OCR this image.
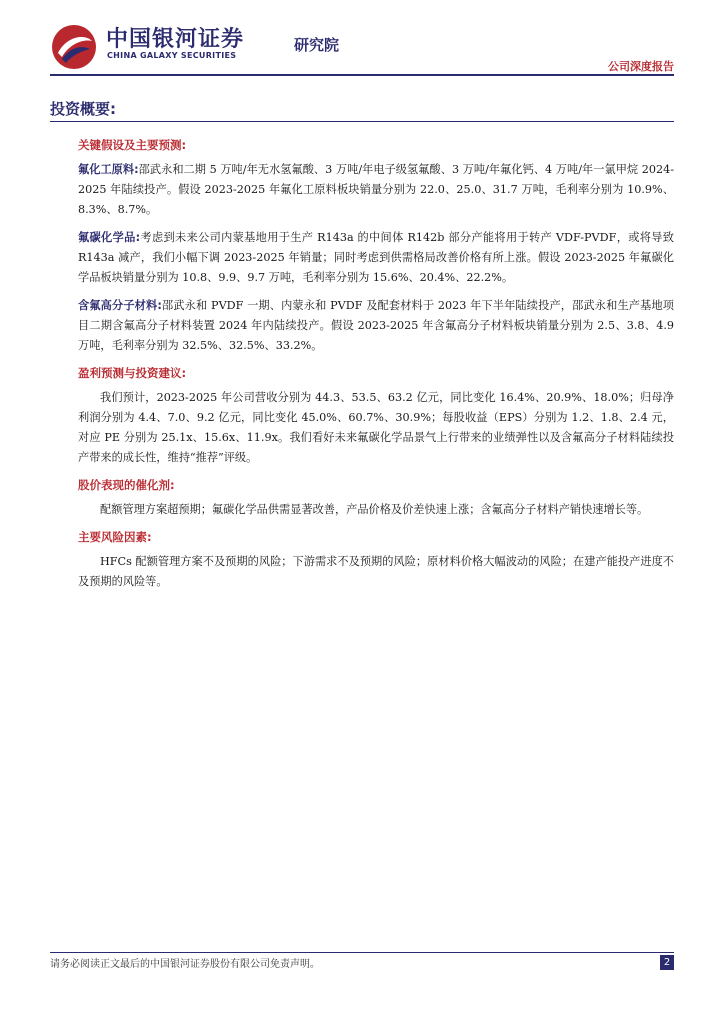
中国银河证券
CHINA GALAXY SECURITIES
研究院
公司深度报告
投资概要:
关键假设及主要预测:
氟化工原料:邵武永和二期 5 万吨/年无水氢氟酸、3 万吨/年电子级氢氟酸、3 万吨/年氟化钙、4 万吨/年一氯甲烷 2024-2025 年陆续投产。假设 2023-2025 年氟化工原料板块销量分别为 22.0、25.0、31.7 万吨，毛利率分别为 10.9%、8.3%、8.7%。
氟碳化学品:考虑到未来公司内蒙基地用于生产 R143a 的中间体 R142b 部分产能将用于转产 VDF-PVDF，或将导致 R143a 减产，我们小幅下调 2023-2025 年销量；同时考虑到供需格局改善价格有所上涨。假设 2023-2025 年氟碳化学品板块销量分别为 10.8、9.9、9.7 万吨，毛利率分别为 15.6%、20.4%、22.2%。
含氟高分子材料:邵武永和 PVDF 一期、内蒙永和 PVDF 及配套材料于 2023 年下半年陆续投产，邵武永和生产基地项目二期含氟高分子材料装置 2024 年内陆续投产。假设 2023-2025 年含氟高分子材料板块销量分别为 2.5、3.8、4.9 万吨，毛利率分别为 32.5%、32.5%、33.2%。
盈利预测与投资建议:
我们预计，2023-2025 年公司营收分别为 44.3、53.5、63.2 亿元，同比变化 16.4%、20.9%、18.0%；归母净利润分别为 4.4、7.0、9.2 亿元，同比变化 45.0%、60.7%、30.9%；每股收益（EPS）分别为 1.2、1.8、2.4 元，对应 PE 分别为 25.1x、15.6x、11.9x。我们看好未来氟碳化学品景气上行带来的业绩弹性以及含氟高分子材料陆续投产带来的成长性，维持“推荐”评级。
股价表现的催化剂:
配额管理方案超预期；氟碳化学品供需显著改善，产品价格及价差快速上涨；含氟高分子材料产销快速增长等。
主要风险因素:
HFCs 配额管理方案不及预期的风险；下游需求不及预期的风险；原材料价格大幅波动的风险；在建产能投产进度不及预期的风险等。
请务必阅读正文最后的中国银河证券股份有限公司免责声明。	2
